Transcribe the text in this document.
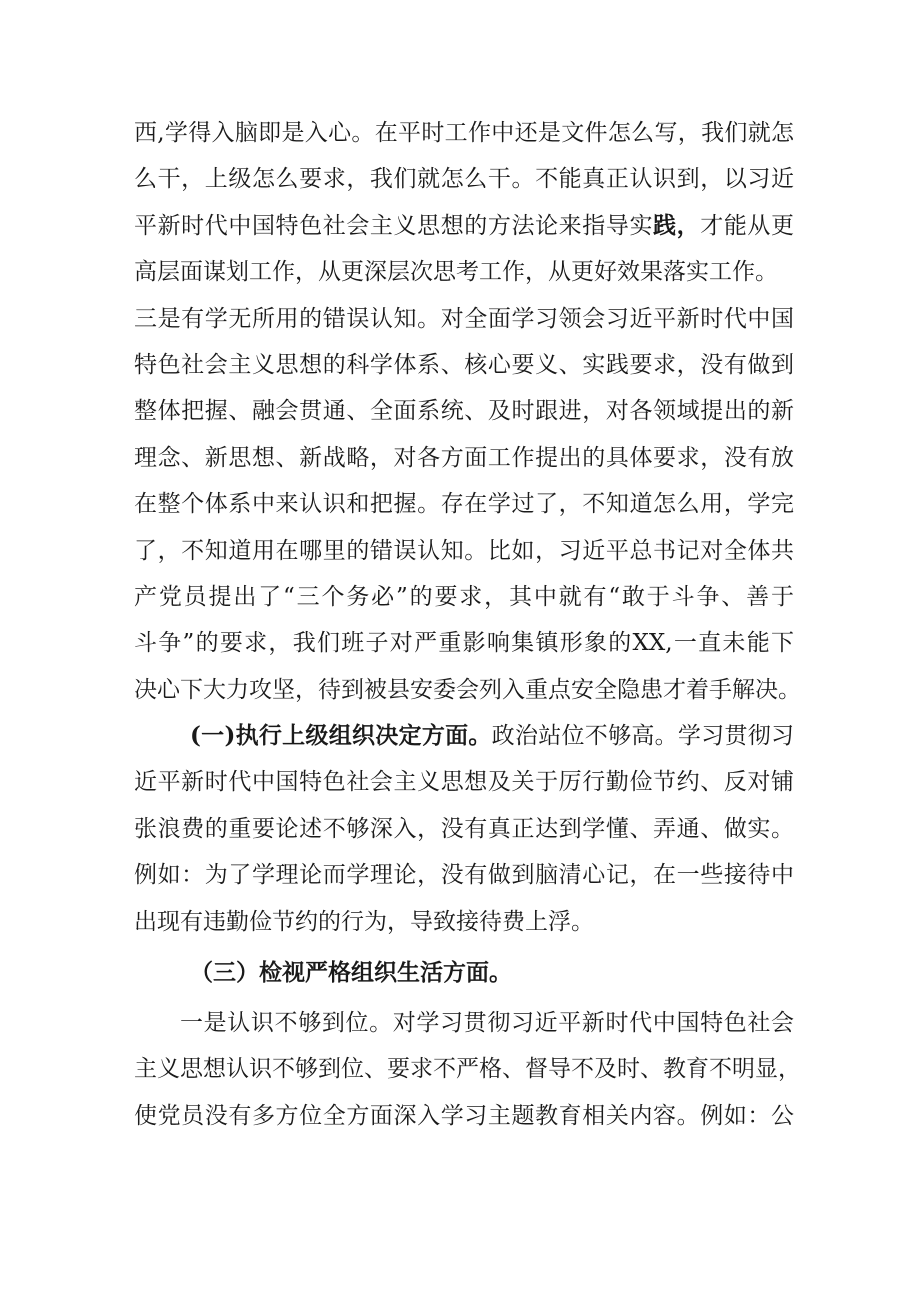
西,学得入脑即是入心。在平时工作中还是文件怎么写，我们就怎
么干，上级怎么要求，我们就怎么干。不能真正认识到，以习近
平新时代中国特色社会主义思想的方法论来指导实践，才能从更
高层面谋划工作，从更深层次思考工作，从更好效果落实工作。
三是有学无所用的错误认知。对全面学习领会习近平新时代中国
特色社会主义思想的科学体系、核心要义、实践要求，没有做到
整体把握、融会贯通、全面系统、及时跟进，对各领域提出的新
理念、新思想、新战略，对各方面工作提出的具体要求，没有放
在整个体系中来认识和把握。存在学过了，不知道怎么用，学完
了，不知道用在哪里的错误认知。比如，习近平总书记对全体共
产党员提出了“三个务必”的要求，其中就有“敢于斗争、善于
斗争”的要求，我们班子对严重影响集镇形象的XX,一直未能下
决心下大力攻坚，待到被县安委会列入重点安全隐患才着手解决。
(一)执行上级组织决定方面。政治站位不够高。学习贯彻习
近平新时代中国特色社会主义思想及关于厉行勤俭节约、反对铺
张浪费的重要论述不够深入，没有真正达到学懂、弄通、做实。
例如：为了学理论而学理论，没有做到脑清心记，在一些接待中
出现有违勤俭节约的行为，导致接待费上浮。
（三）检视严格组织生活方面。
一是认识不够到位。对学习贯彻习近平新时代中国特色社会
主义思想认识不够到位、要求不严格、督导不及时、教育不明显，
使党员没有多方位全方面深入学习主题教育相关内容。例如：公
